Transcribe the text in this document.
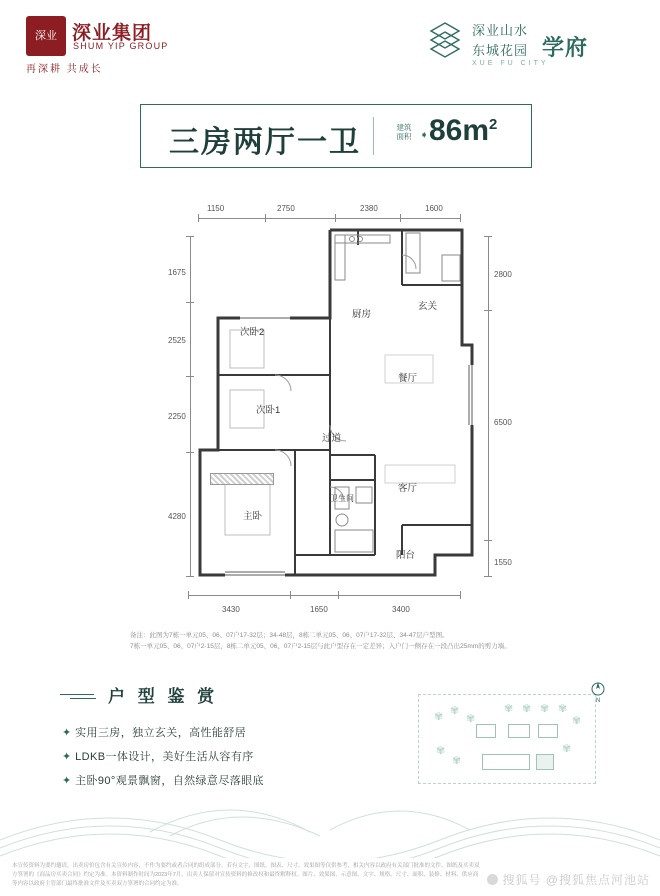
深业 深业集团
SHUM YIP GROUP
再深耕 共成长
深业山水
东城花园 学府
XUE FU CITY
三房两厅一卫	建筑
面积 ➧ $86m^2$
1150	2750	2380	1600
1675
2525
2250
4280
2800
6500
1550
3430	1650	3400
厨房
玄关
次卧2
餐厅
次卧1
过道
客厅
主卧
卫生间
阳台
备注：此图为7栋一单元05、06、07户17-32层；34-48层，8栋二单元05、06、07户17-32层、34-47层户型图。
7栋一单元05、06、07户2-15层，8栋二单元05、06、07户2-15层与此户型存在一定差异；入户门一侧存在一段凸出25mm的剪力墙。
户 型 鉴 赏
✦ 实用三房，独立玄关，高性能舒居
✦ LDKB一体设计，美好生活从容有序
✦ 主卧90°观景飘窗，自然绿意尽落眼底
N
✾ ✾
✾
✾ ✾ ✾ ✾
✾
✾
✾
✾
本宣传资料为要约邀请，出卖房价包含有关宣传内容，不作为要约或者合同的组成部分。若有文字、图纸、图表、尺寸、效果图等仅供参考，相关内容以政府有关部门批准的文件、图纸及买卖双方签署的《商品房买卖合同》约定为准。本资料制作时间为2023年7月，出卖人保留对宣传资料的修改权和最终解释权。图片、效果图、示意图、文字、规格、尺寸、面积、装修、材料、供应商等内容以政府主管部门最终批准文件及买卖双方签署的合同约定为准。	搜狐号 @搜狐焦点河池站
